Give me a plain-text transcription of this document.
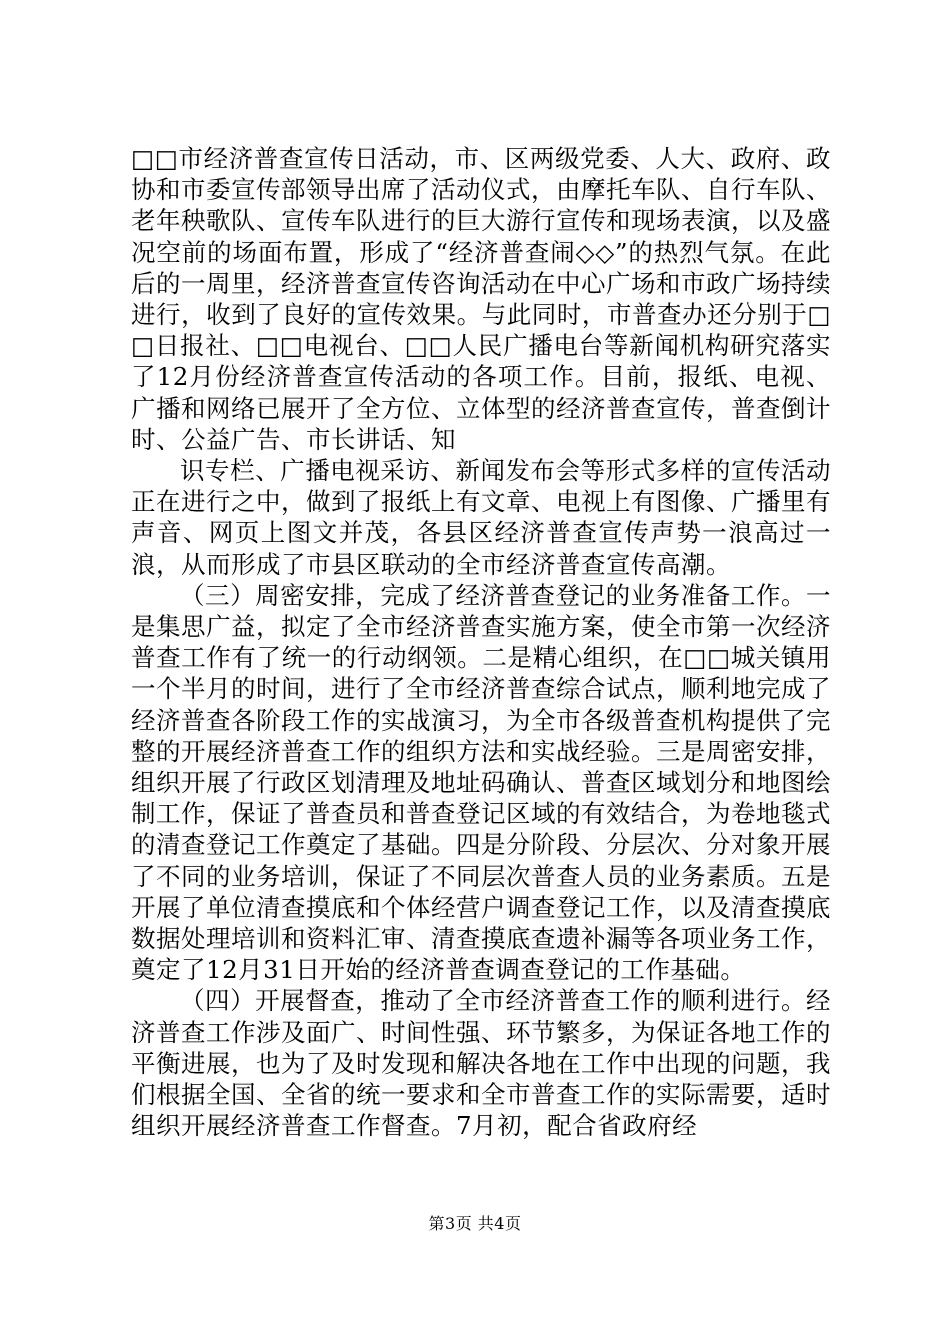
□□市经济普查宣传日活动，市、区两级党委、人大、政府、政协和市委宣传部领导出席了活动仪式，由摩托车队、自行车队、老年秧歌队、宣传车队进行的巨大游行宣传和现场表演，以及盛况空前的场面布置，形成了“经济普查闹◇◇”的热烈气氛。在此后的一周里，经济普查宣传咨询活动在中心广场和市政广场持续进行，收到了良好的宣传效果。与此同时，市普查办还分别于□□日报社、□□电视台、□□人民广播电台等新闻机构研究落实了12月份经济普查宣传活动的各项工作。目前，报纸、电视、广播和网络已展开了全方位、立体型的经济普查宣传，普查倒计时、公益广告、市长讲话、知

识专栏、广播电视采访、新闻发布会等形式多样的宣传活动正在进行之中，做到了报纸上有文章、电视上有图像、广播里有声音、网页上图文并茂，各县区经济普查宣传声势一浪高过一浪，从而形成了市县区联动的全市经济普查宣传高潮。

（三）周密安排，完成了经济普查登记的业务准备工作。一是集思广益，拟定了全市经济普查实施方案，使全市第一次经济普查工作有了统一的行动纲领。二是精心组织，在□□城关镇用一个半月的时间，进行了全市经济普查综合试点，顺利地完成了经济普查各阶段工作的实战演习，为全市各级普查机构提供了完整的开展经济普查工作的组织方法和实战经验。三是周密安排，组织开展了行政区划清理及地址码确认、普查区域划分和地图绘制工作，保证了普查员和普查登记区域的有效结合，为卷地毯式的清查登记工作奠定了基础。四是分阶段、分层次、分对象开展了不同的业务培训，保证了不同层次普查人员的业务素质。五是开展了单位清查摸底和个体经营户调查登记工作，以及清查摸底数据处理培训和资料汇审、清查摸底查遗补漏等各项业务工作，奠定了12月31日开始的经济普查调查登记的工作基础。

（四）开展督查，推动了全市经济普查工作的顺利进行。经济普查工作涉及面广、时间性强、环节繁多，为保证各地工作的平衡进展，也为了及时发现和解决各地在工作中出现的问题，我们根据全国、全省的统一要求和全市普查工作的实际需要，适时组织开展经济普查工作督查。7月初，配合省政府经

第3页 共4页
